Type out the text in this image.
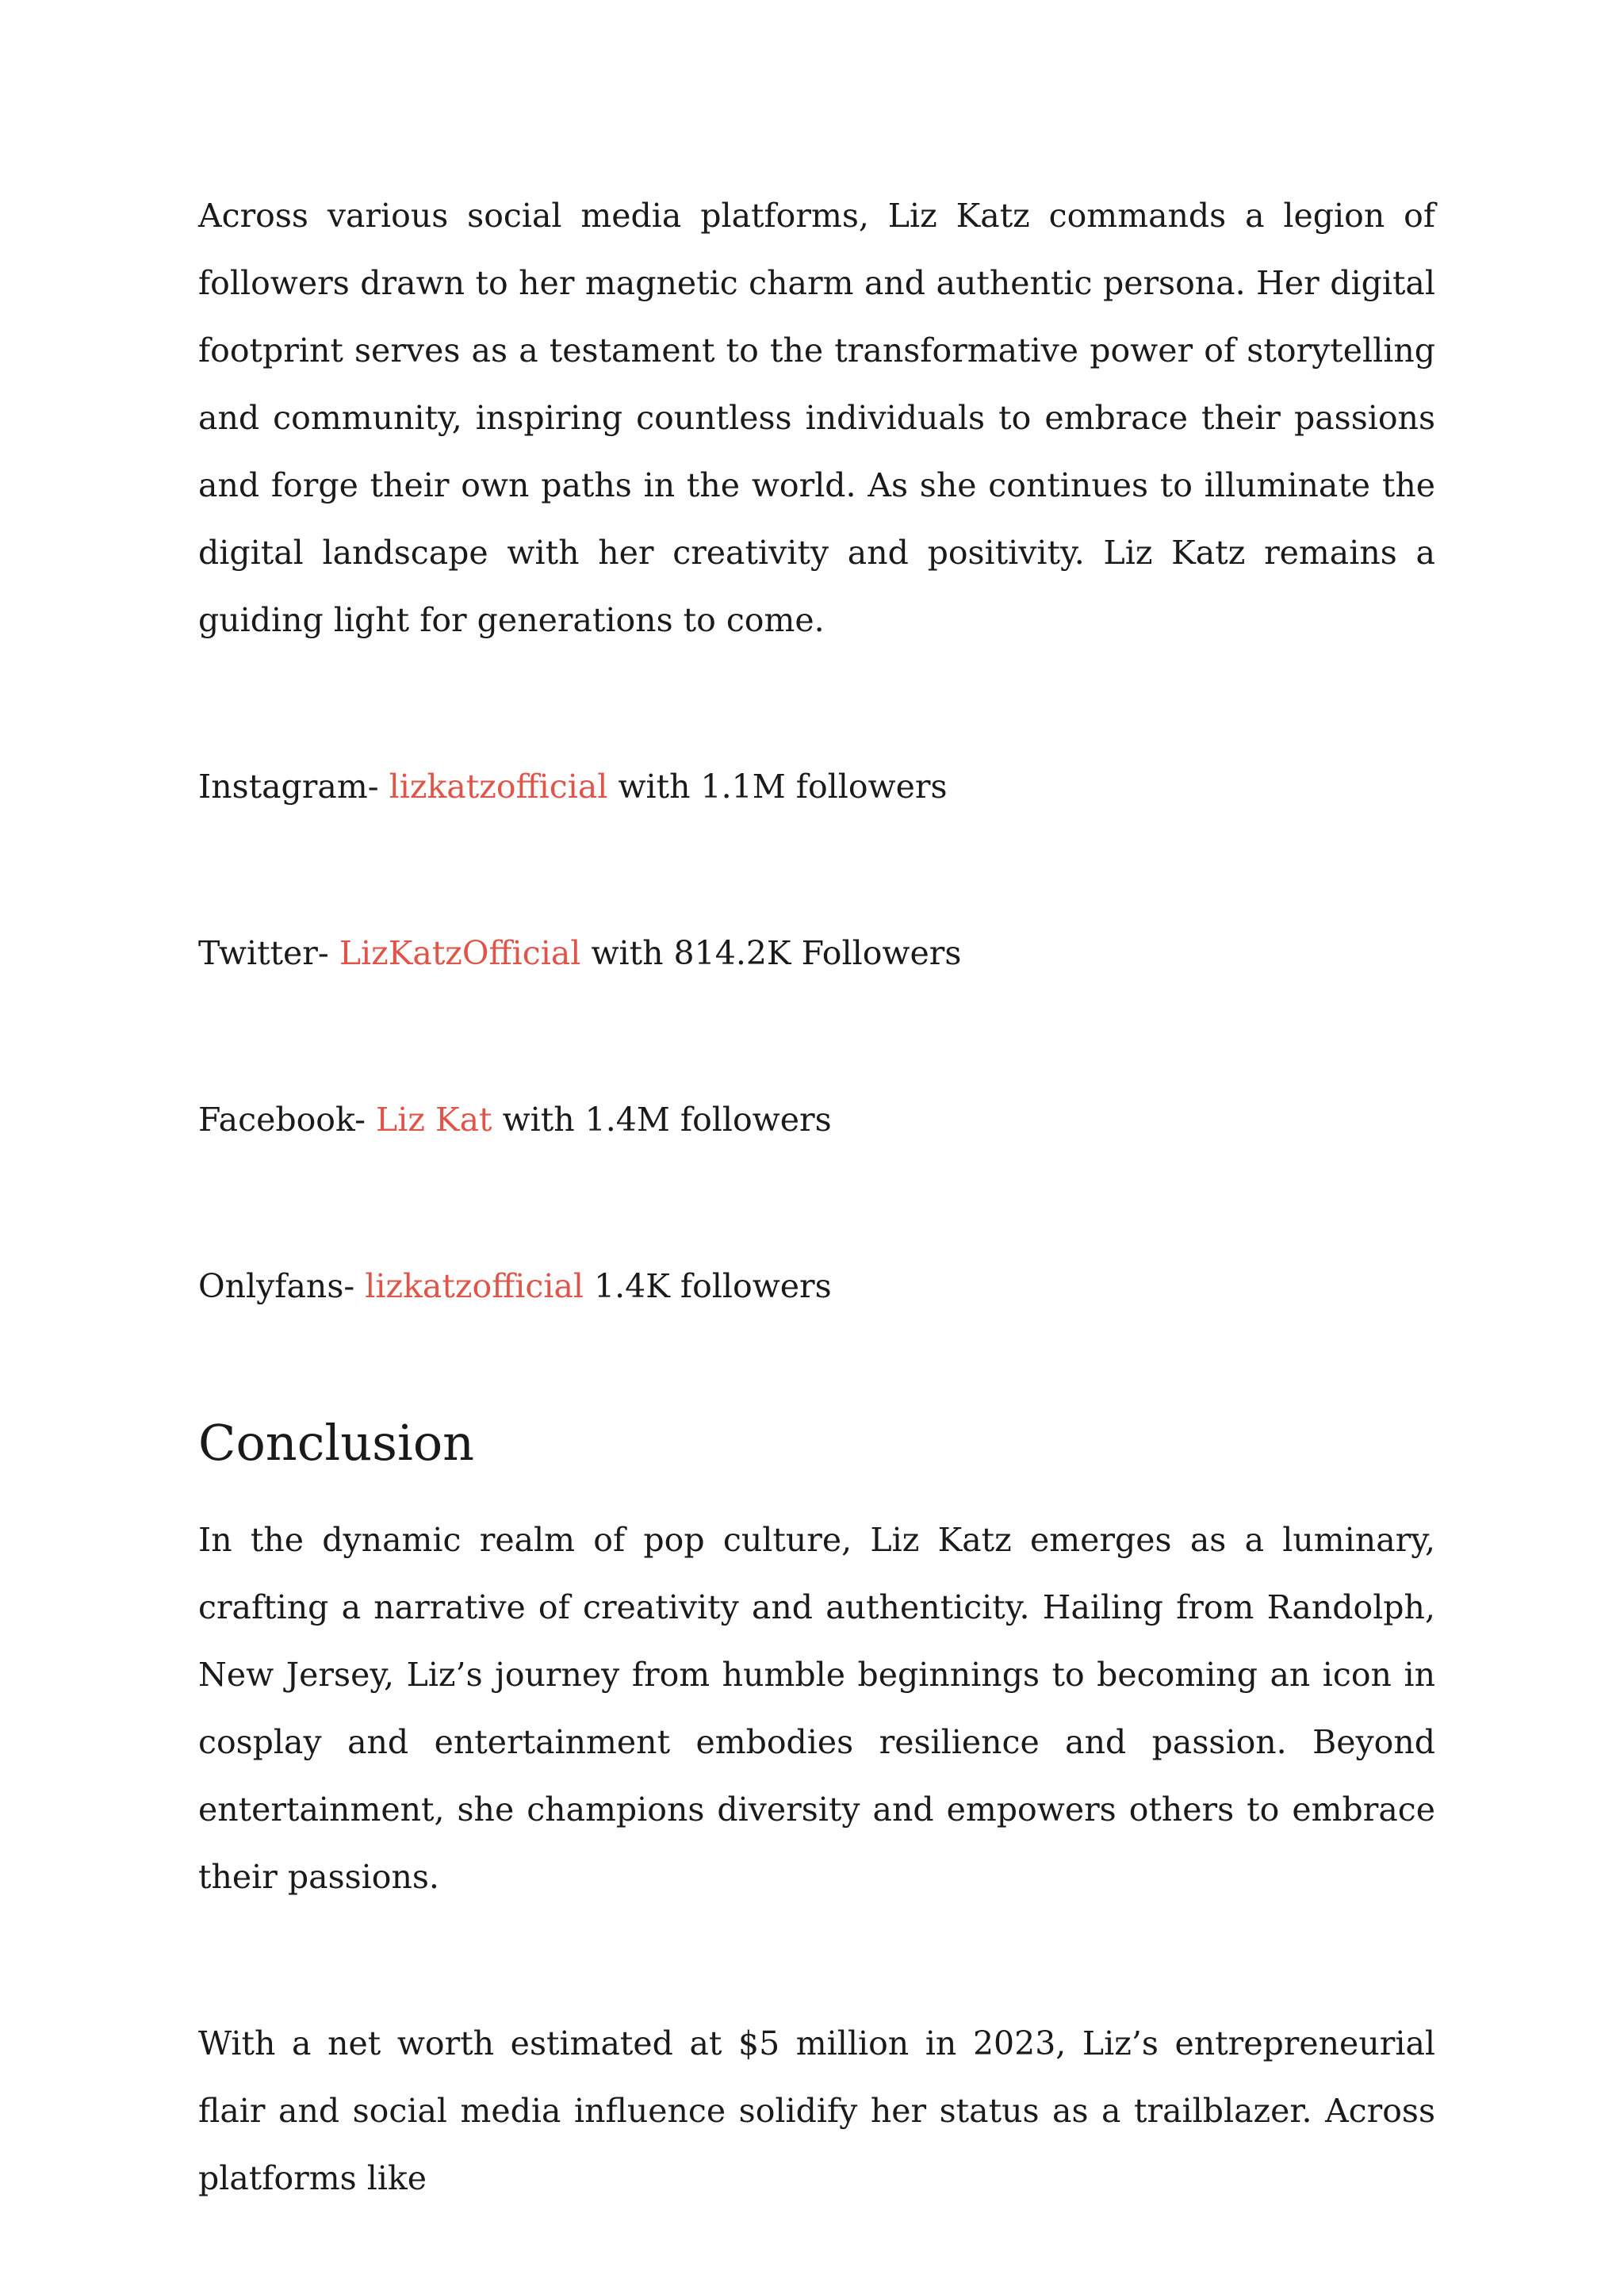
Across various social media platforms, Liz Katz commands a legion of followers drawn to her magnetic charm and authentic persona. Her digital footprint serves as a testament to the transformative power of storytelling and community, inspiring countless individuals to embrace their passions and forge their own paths in the world. As she continues to illuminate the digital landscape with her creativity and positivity. Liz Katz remains a guiding light for generations to come.

Instagram- lizkatzofficial with 1.1M followers

Twitter- LizKatzOfficial with 814.2K Followers

Facebook- Liz Kat with 1.4M followers

Onlyfans- lizkatzofficial 1.4K followers

Conclusion

In the dynamic realm of pop culture, Liz Katz emerges as a luminary, crafting a narrative of creativity and authenticity. Hailing from Randolph, New Jersey, Liz’s journey from humble beginnings to becoming an icon in cosplay and entertainment embodies resilience and passion. Beyond entertainment, she champions diversity and empowers others to embrace their passions.

With a net worth estimated at $5 million in 2023, Liz’s entrepreneurial flair and social media influence solidify her status as a trailblazer. Across platforms like
